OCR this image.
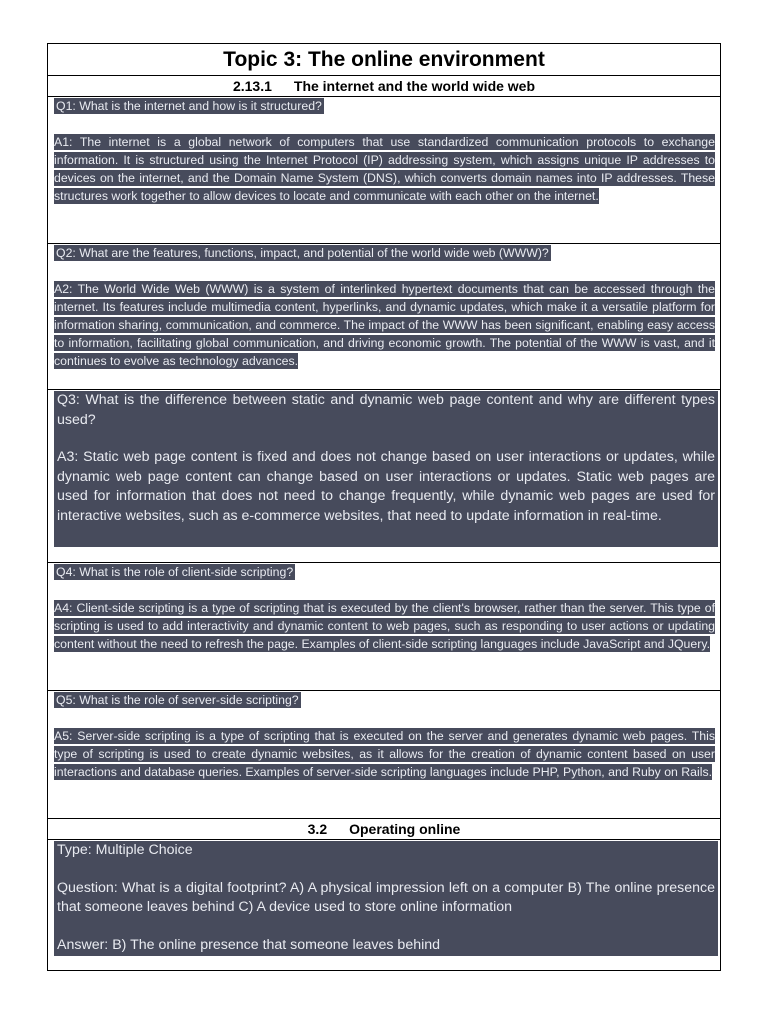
Topic 3: The online environment
2.13.1 The internet and the world wide web
Q1: What is the internet and how is it structured?
A1: The internet is a global network of computers that use standardized communication protocols to exchange information. It is structured using the Internet Protocol (IP) addressing system, which assigns unique IP addresses to devices on the internet, and the Domain Name System (DNS), which converts domain names into IP addresses. These structures work together to allow devices to locate and communicate with each other on the internet.
Q2: What are the features, functions, impact, and potential of the world wide web (WWW)?
A2: The World Wide Web (WWW) is a system of interlinked hypertext documents that can be accessed through the internet. Its features include multimedia content, hyperlinks, and dynamic updates, which make it a versatile platform for information sharing, communication, and commerce. The impact of the WWW has been significant, enabling easy access to information, facilitating global communication, and driving economic growth. The potential of the WWW is vast, and it continues to evolve as technology advances.

Q3: What is the difference between static and dynamic web page content and why are different types used?

A3: Static web page content is fixed and does not change based on user interactions or updates, while dynamic web page content can change based on user interactions or updates. Static web pages are used for information that does not need to change frequently, while dynamic web pages are used for interactive websites, such as e-commerce websites, that need to update information in real-time.

Q4: What is the role of client-side scripting?
A4: Client-side scripting is a type of scripting that is executed by the client's browser, rather than the server. This type of scripting is used to add interactivity and dynamic content to web pages, such as responding to user actions or updating content without the need to refresh the page. Examples of client-side scripting languages include JavaScript and JQuery.
Q5: What is the role of server-side scripting?
A5: Server-side scripting is a type of scripting that is executed on the server and generates dynamic web pages. This type of scripting is used to create dynamic websites, as it allows for the creation of dynamic content based on user interactions and database queries. Examples of server-side scripting languages include PHP, Python, and Ruby on Rails.
3.2 Operating online

Type: Multiple Choice

Question: What is a digital footprint? A) A physical impression left on a computer B) The online presence that someone leaves behind C) A device used to store online information

Answer: B) The online presence that someone leaves behind
